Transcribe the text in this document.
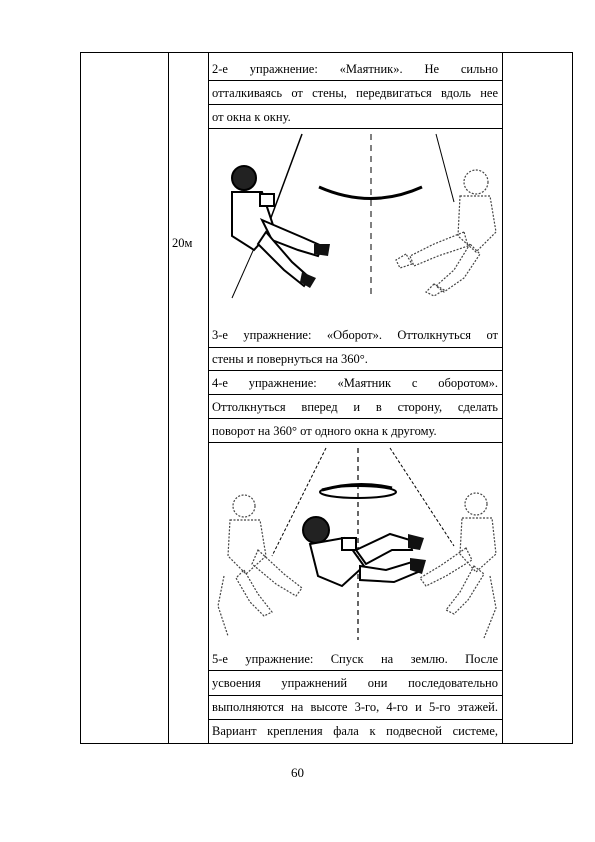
20м
2-е упражнение: «Маятник». Не сильно
отталкиваясь от стены, передвигаться вдоль нее
от окна к окну.
3-е упражнение: «Оборот». Оттолкнуться от
стены и повернуться на 360°.
4-е упражнение: «Маятник с оборотом».
Оттолкнуться вперед и в сторону, сделать
поворот на 360° от одного окна к другому.
5-е упражнение: Спуск на землю. После
усвоения упражнений они последовательно
выполняются на высоте 3-го, 4-го и 5-го этажей.
Вариант крепления фала к подвесной системе,
60
